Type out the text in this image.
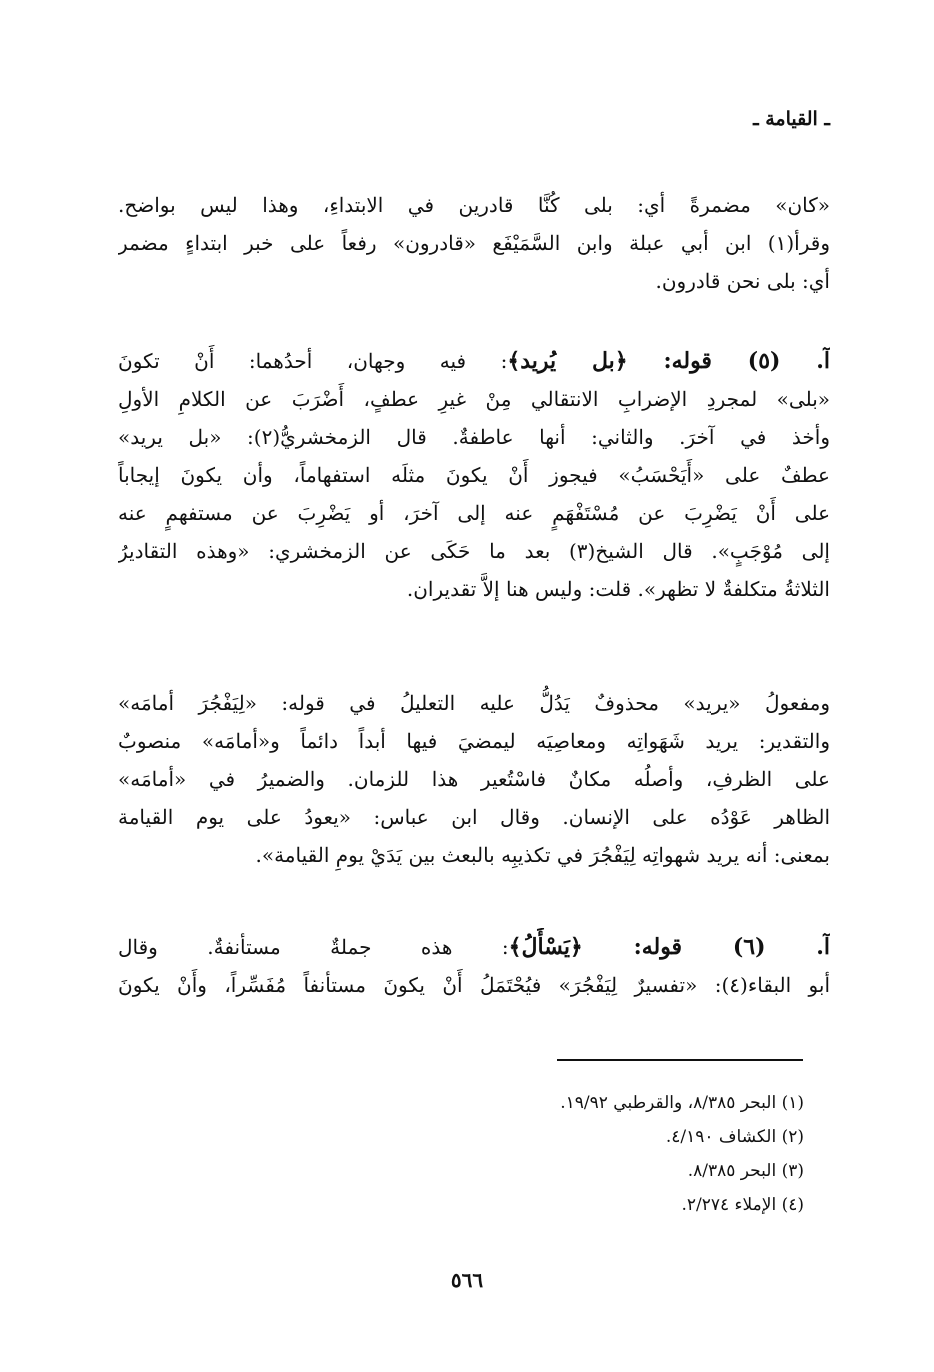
ـ القيامة ـ
«كان» مضمرةً أي: بلى كُنَّا قادرين في الابتداءِ، وهذا ليس بواضح.
وقرأ(١) ابن أبي عبلة وابن السَّمَيْفَع «قادرون» رفعاً على خبر ابتداءٍ مضمر
أي: بلى نحن قادرون.
آ. (٥) قوله: ﴿بل يُريد﴾: فيه وجهان، أحدُهما: أَنْ تكونَ
«بلى» لمجردِ الإضرابِ الانتقالي مِنْ غيرِ عطفٍ، أَضْرَبَ عن الكلامِ الأولِ
وأخذ في آخرَ. والثاني: أنها عاطفةٌ. قال الزمخشريُّ(٢): «بل يريد»
عطفٌ على «أَيَحْسَبُ» فيجوز أَنْ يكونَ مثلَه استفهاماً، وأن يكونَ إيجاباً
على أَنْ يَضْرِبَ عن مُسْتَفْهَمٍ عنه إلى آخرَ، أو يَضْرِبَ عن مستفهمٍ عنه
إلى مُوْجَبٍ». قال الشيخ(٣) بعد ما حَكَى عن الزمخشري: «وهذه التقاديرُ
الثلاثةُ متكلفةٌ لا تظهر». قلت: وليس هنا إلاَّ تقديران.
ومفعولُ «يريد» محذوفٌ يَدُلُّ عليه التعليلُ في قوله: «لِيَفْجُرَ أمامَه»
والتقدير: يريد شَهَواتِه ومعاصِيَه ليمضيَ فيها أبداً دائماً و«أمامَه» منصوبٌ
على الظرفِ، وأصلُه مكانٌ فاسْتُعير هذا للزمان. والضميرُ في «أمامَه»
الظاهر عَوْدُه على الإنسان. وقال ابن عباس: «يعودُ على يوم القيامة
بمعنى: أنه يريد شهواتِه لِيَفْجُرَ في تكذيبِه بالبعث بين يَدَيْ يومِ القيامة».
آ. (٦) قوله: ﴿يَسْأَلُ﴾: هذه جملةٌ مستأنفةٌ. وقال
أبو البقاء(٤): «تفسيرٌ لِيَفْجُرَ» فيُحْتَمَلُ أَنْ يكونَ مستأنفاً مُفَسِّراً، وأَنْ يكونَ
(١) البحر ٨/٣٨٥، والقرطبي ١٩/٩٢.
(٢) الكشاف ٤/١٩٠.
(٣) البحر ٨/٣٨٥.
(٤) الإملاء ٢/٢٧٤.
٥٦٦
